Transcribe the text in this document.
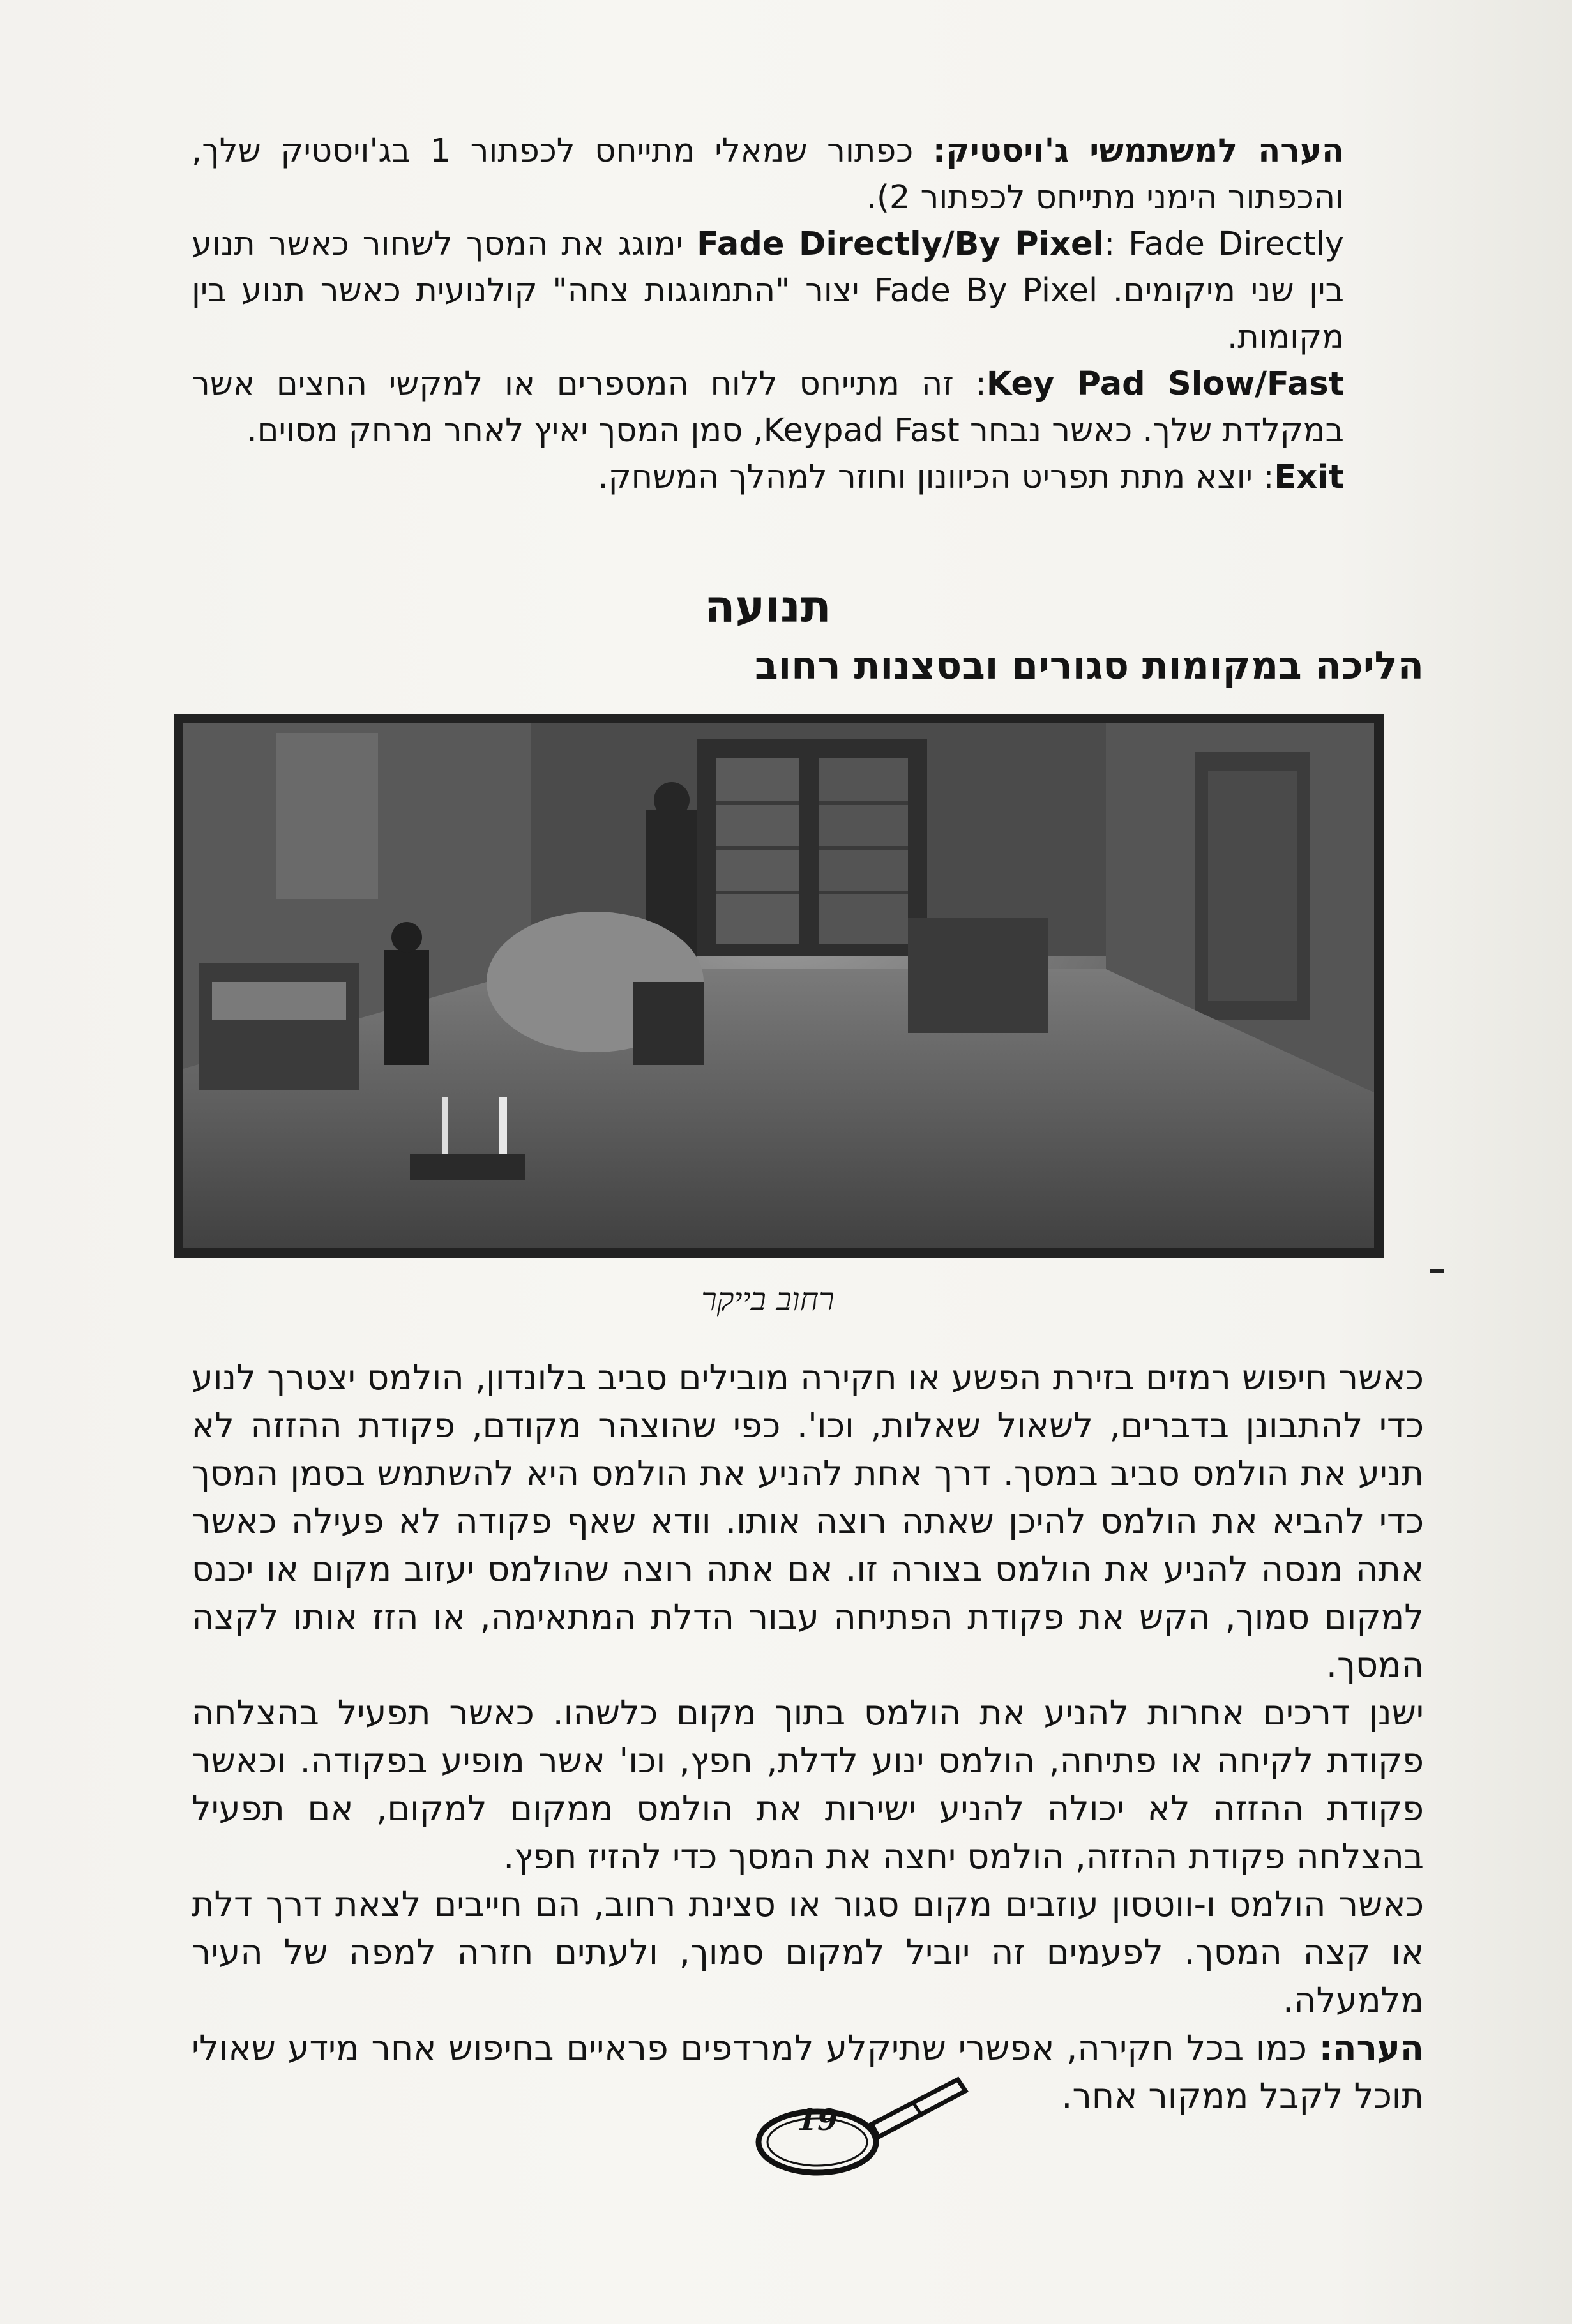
הערה למשתמשי ג'ויסטיק: כפתור שמאלי מתייחס לכפתור 1 בג'ויסטיק שלך, והכפתור הימני מתייחס לכפתור 2).

Fade Directly/By Pixel: Fade Directly ימוגג את המסך לשחור כאשר תנוע בין שני מיקומים. Fade By Pixel יצור "התמוגגות צחה" קולנועית כאשר תנוע בין מקומות.

Key Pad Slow/Fast: זה מתייחס ללוח המספרים או למקשי החצים אשר במקלדת שלך. כאשר נבחר Keypad Fast, סמן המסך יאיץ לאחר מרחק מסוים.

Exit: יוצא מתת תפריט הכיוונון וחוזר למהלך המשחק.

תנועה
הליכה במקומות סגורים ובסצנות רחוב
רחוב בייקר

כאשר חיפוש רמזים בזירת הפשע או חקירה מובילים סביב בלונדון, הולמס יצטרך לנוע כדי להתבונן בדברים, לשאול שאלות, וכו'. כפי שהוצהר מקודם, פקודת ההזזה לא תניע את הולמס סביב במסך. דרך אחת להניע את הולמס היא להשתמש בסמן המסך כדי להביא את הולמס להיכן שאתה רוצה אותו. וודא שאף פקודה לא פעילה כאשר אתה מנסה להניע את הולמס בצורה זו. אם אתה רוצה שהולמס יעזוב מקום או יכנס למקום סמוך, הקש את פקודת הפתיחה עבור הדלת המתאימה, או הזז אותו לקצה המסך.

ישנן דרכים אחרות להניע את הולמס בתוך מקום כלשהו. כאשר תפעיל בהצלחה פקודת לקיחה או פתיחה, הולמס ינוע לדלת, חפץ, וכו' אשר מופיע בפקודה. וכאשר פקודת ההזזה לא יכולה להניע ישירות את הולמס ממקום למקום, אם תפעיל בהצלחה פקודת ההזזה, הולמס יחצה את המסך כדי להזיז חפץ.

כאשר הולמס ו-ווטסון עוזבים מקום סגור או סצינת רחוב, הם חייבים לצאת דרך דלת או קצה המסך. לפעמים זה יוביל למקום סמוך, ולעתים חזרה למפה של העיר מלמעלה.

הערה: כמו בכל חקירה, אפשרי שתיקלע למרדפים פראיים בחיפוש אחר מידע שאולי תוכל לקבל ממקור אחר.

19
